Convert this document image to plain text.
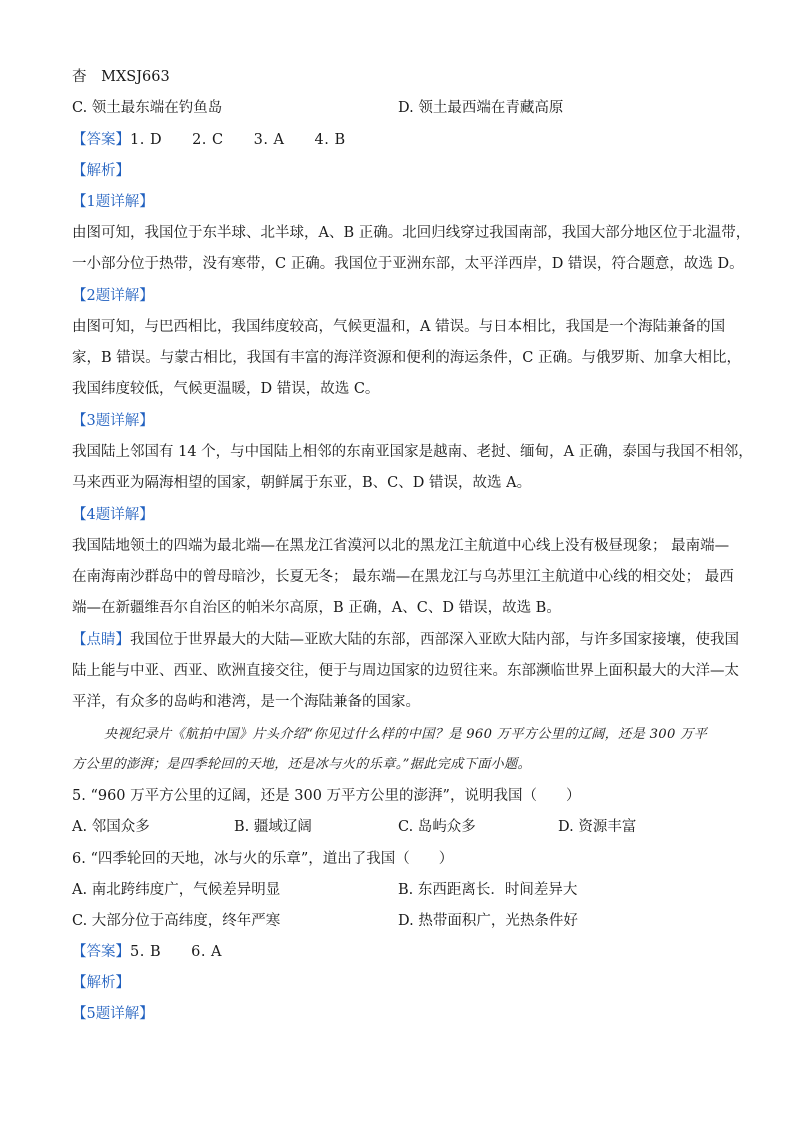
杳 MXSJ663
C. 领土最东端在钓鱼岛	D. 领土最西端在青藏高原
【答案】1. D　　2. C　　3. A　　4. B
【解析】
【1题详解】
由图可知，我国位于东半球、北半球，A、B 正确。北回归线穿过我国南部，我国大部分地区位于北温带，
一小部分位于热带，没有寒带，C 正确。我国位于亚洲东部，太平洋西岸，D 错误，符合题意，故选 D。
【2题详解】
由图可知，与巴西相比，我国纬度较高，气候更温和，A 错误。与日本相比，我国是一个海陆兼备的国
家，B 错误。与蒙古相比，我国有丰富的海洋资源和便利的海运条件，C 正确。与俄罗斯、加拿大相比，
我国纬度较低，气候更温暖，D 错误，故选 C。
【3题详解】
我国陆上邻国有 14 个，与中国陆上相邻的东南亚国家是越南、老挝、缅甸，A 正确，泰国与我国不相邻，
马来西亚为隔海相望的国家，朝鲜属于东亚，B、C、D 错误，故选 A。
【4题详解】
我国陆地领土的四端为最北端—在黑龙江省漠河以北的黑龙江主航道中心线上没有极昼现象； 最南端—
在南海南沙群岛中的曾母暗沙，长夏无冬； 最东端—在黑龙江与乌苏里江主航道中心线的相交处； 最西
端—在新疆维吾尔自治区的帕米尔高原，B 正确，A、C、D 错误，故选 B。
【点睛】我国位于世界最大的大陆—亚欧大陆的东部，西部深入亚欧大陆内部，与许多国家接壤，使我国
陆上能与中亚、西亚、欧洲直接交往，便于与周边国家的边贸往来。东部濒临世界上面积最大的大洋—太
平洋，有众多的岛屿和港湾，是一个海陆兼备的国家。
央视纪录片《航拍中国》片头介绍“你见过什么样的中国？是 960 万平方公里的辽阔，还是 300 万平
方公里的澎湃；是四季轮回的天地，还是冰与火的乐章。”据此完成下面小题。
5. “960 万平方公里的辽阔，还是 300 万平方公里的澎湃”，说明我国（　　）
A. 邻国众多	B. 疆域辽阔	C. 岛屿众多	D. 资源丰富
6. “四季轮回的天地，冰与火的乐章”，道出了我国（　　）
A. 南北跨纬度广，气候差异明显	B. 东西距离长．时间差异大
C. 大部分位于高纬度，终年严寒	D. 热带面积广，光热条件好
【答案】5. B　　6. A
【解析】
【5题详解】
